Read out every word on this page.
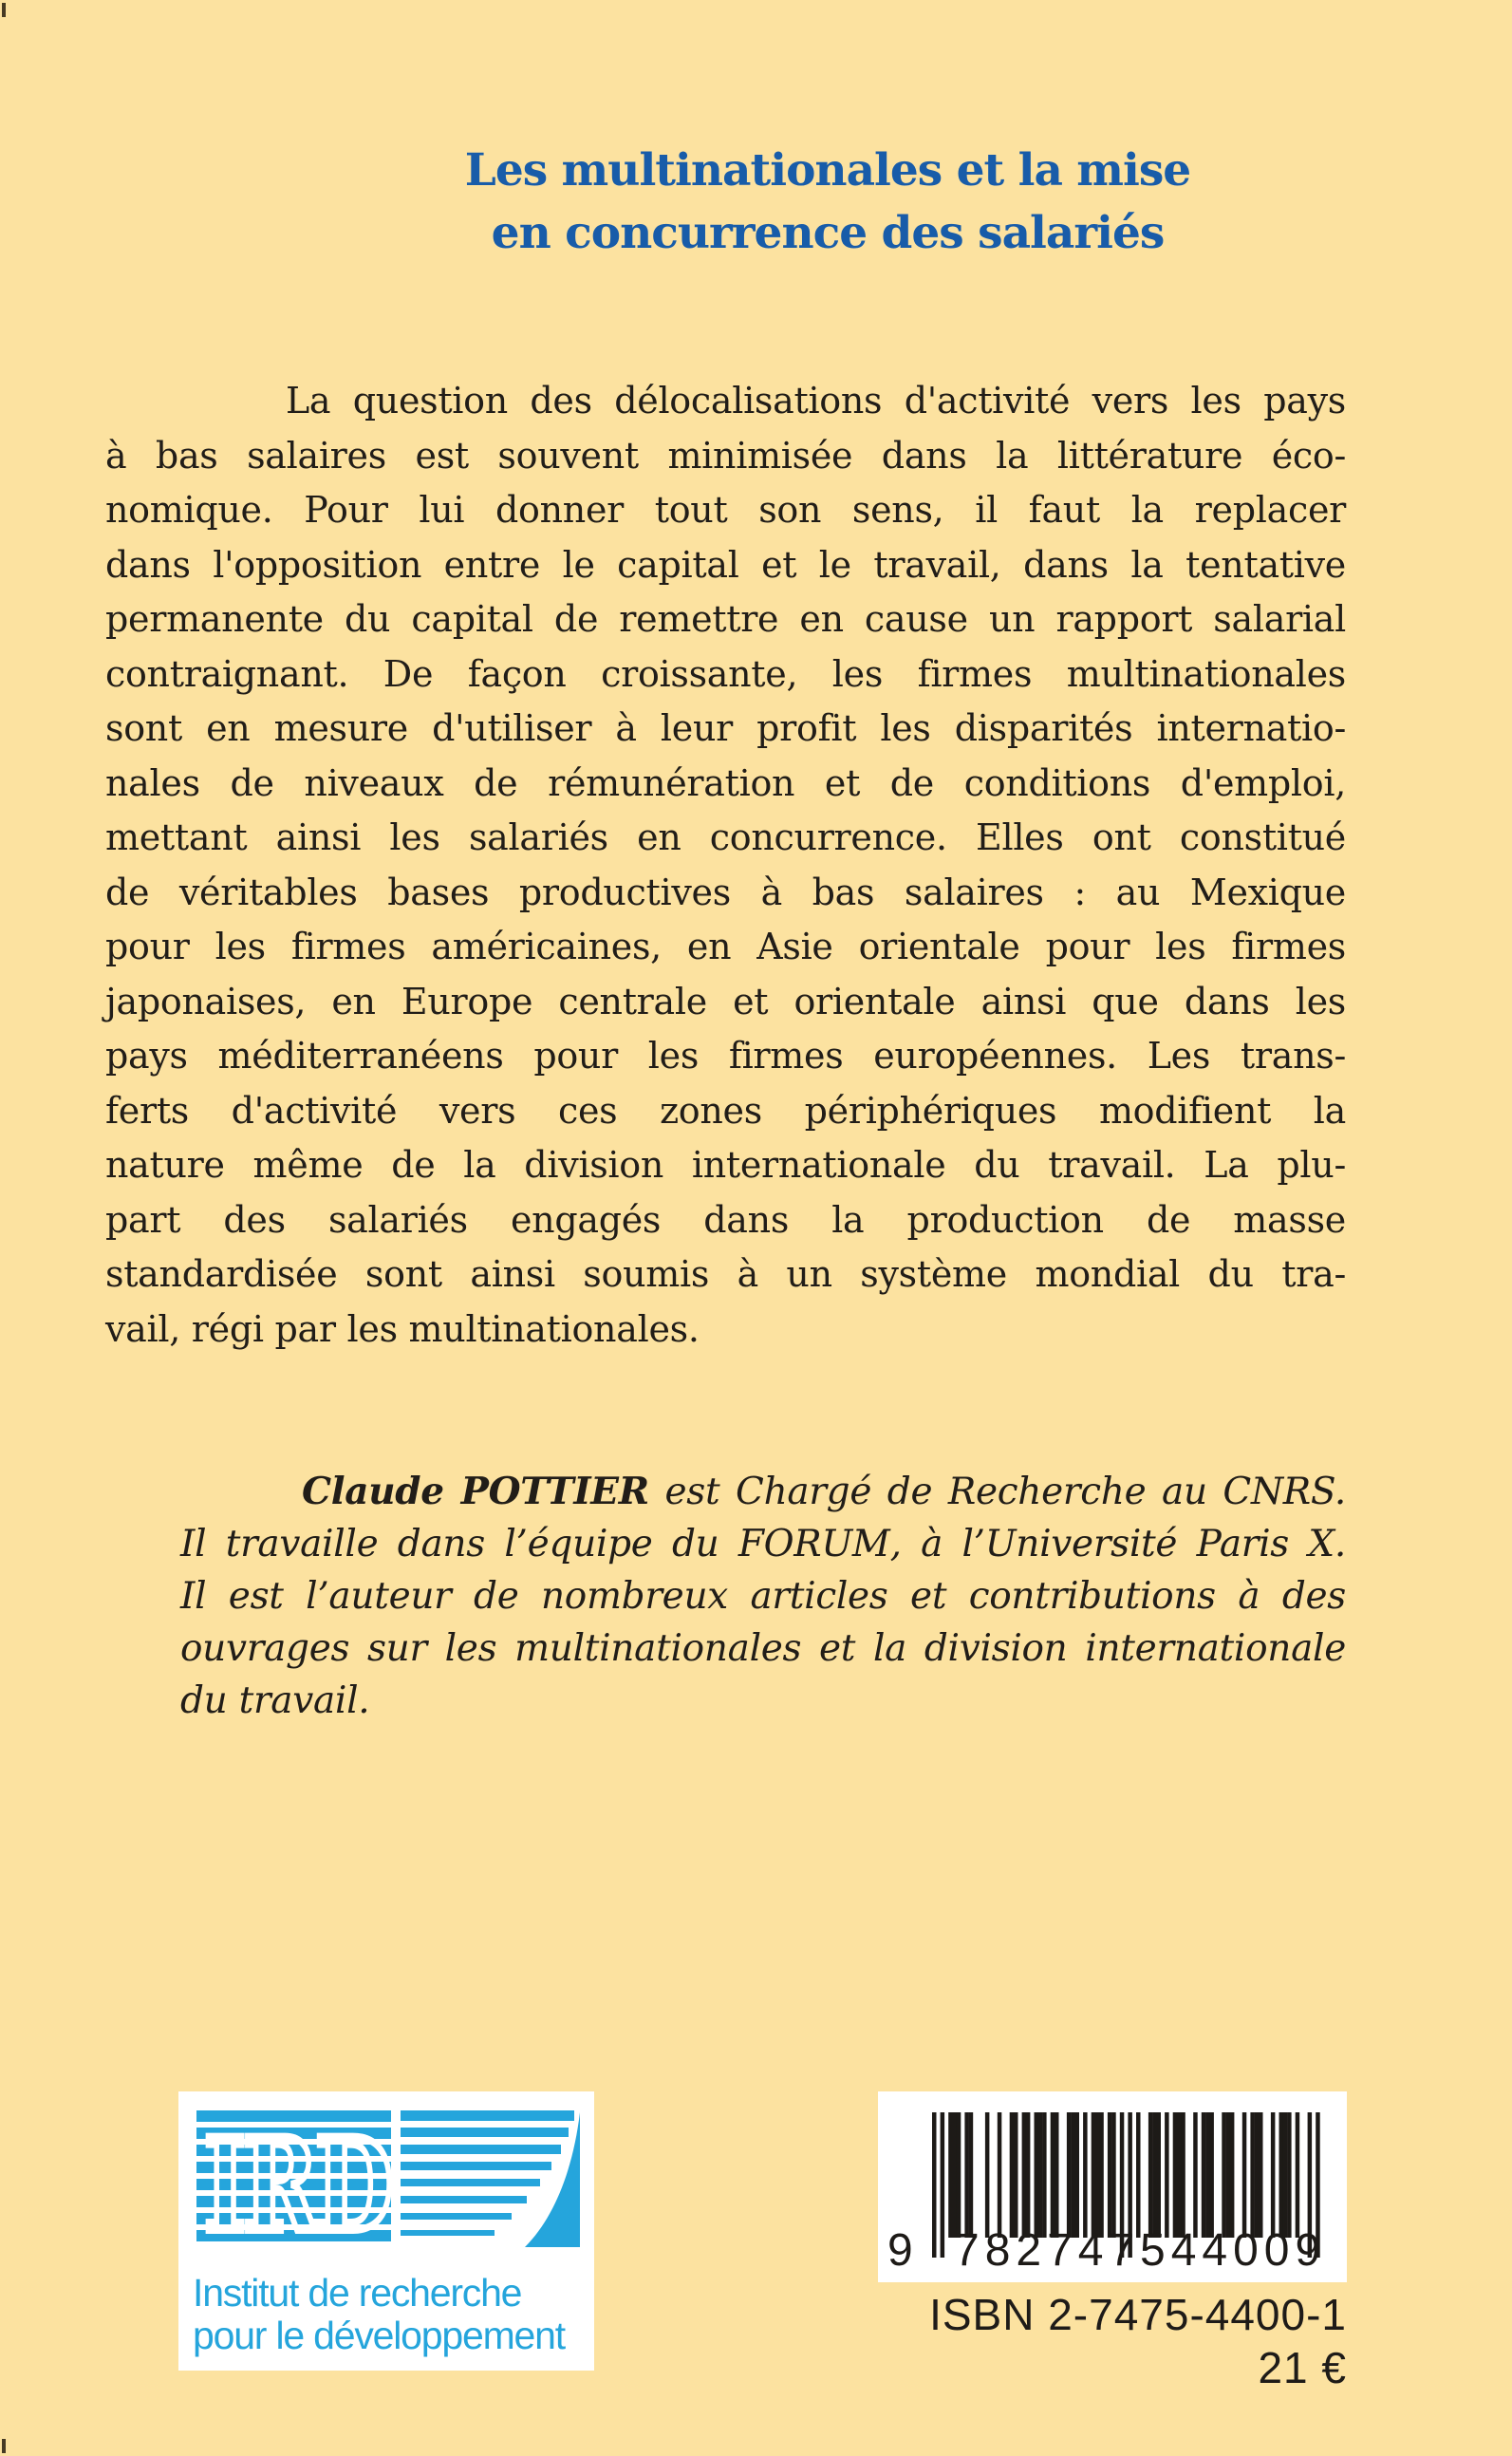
Les multinationales et la mise
en concurrence des salariés
La question des délocalisations d'activité vers les pays
à bas salaires est souvent minimisée dans la littérature éco-
nomique. Pour lui donner tout son sens, il faut la replacer
dans l'opposition entre le capital et le travail, dans la tentative
permanente du capital de remettre en cause un rapport salarial
contraignant. De façon croissante, les firmes multinationales
sont en mesure d'utiliser à leur profit les disparités internatio-
nales de niveaux de rémunération et de conditions d'emploi,
mettant ainsi les salariés en concurrence. Elles ont constitué
de véritables bases productives à bas salaires : au Mexique
pour les firmes américaines, en Asie orientale pour les firmes
japonaises, en Europe centrale et orientale ainsi que dans les
pays méditerranéens pour les firmes européennes. Les trans-
ferts d'activité vers ces zones périphériques modifient la
nature même de la division internationale du travail. La plu-
part des salariés engagés dans la production de masse
standardisée sont ainsi soumis à un système mondial du tra-
vail, régi par les multinationales.
Claude POTTIER est Chargé de Recherche au CNRS.
Il travaille dans l’équipe du FORUM, à l’Université Paris X.
Il est l’auteur de nombreux articles et contributions à des
ouvrages sur les multinationales et la division internationale
du travail.
IRD
Institut de recherche
pour le développement
9 782747 544009
ISBN 2-7475-4400-1
21 €
